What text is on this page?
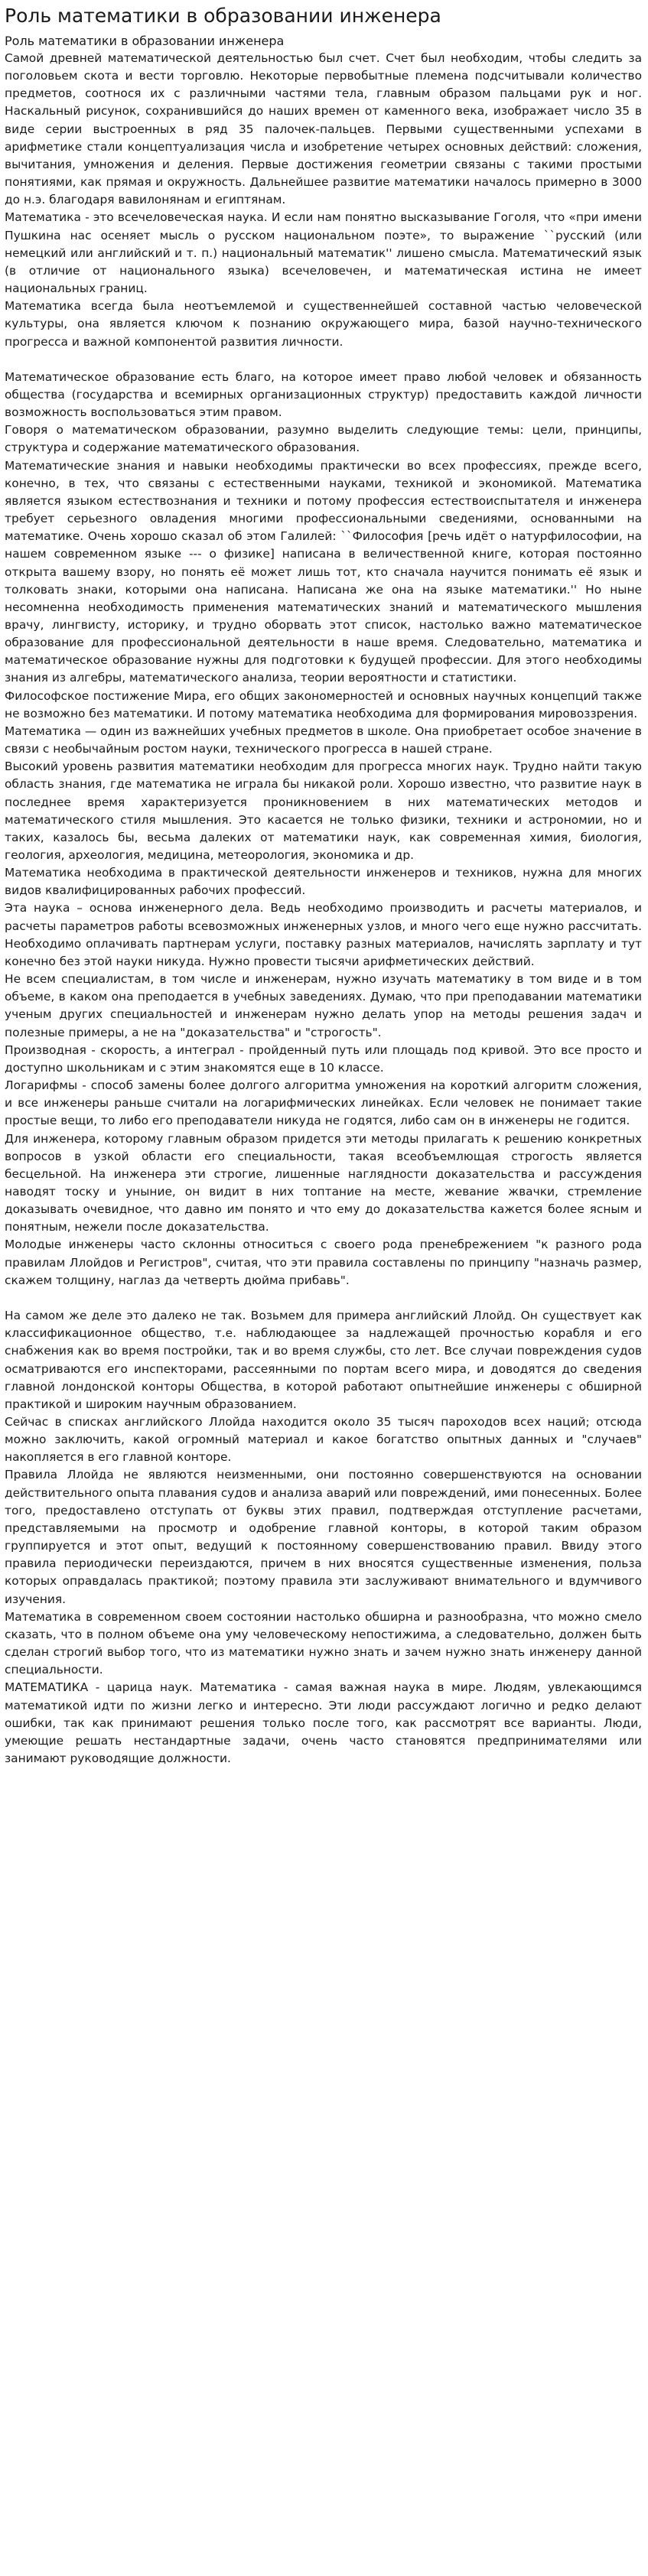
Роль математики в образовании инженера
Роль математики в образовании инженера

Самой древней математической деятельностью был счет. Счет был необходим, чтобы следить за поголовьем скота и вести торговлю. Некоторые первобытные племена подсчитывали количество предметов, соотнося их с различными частями тела, главным образом пальцами рук и ног. Наскальный рисунок, сохранившийся до наших времен от каменного века, изображает число 35 в виде серии выстроенных в ряд 35 палочек-пальцев. Первыми существенными успехами в арифметике стали концептуализация числа и изобретение четырех основных действий: сложения, вычитания, умножения и деления. Первые достижения геометрии связаны с такими простыми понятиями, как прямая и окружность. Дальнейшее развитие математики началось примерно в 3000 до н.э. благодаря вавилонянам и египтянам.

Математика - это всечеловеческая наука. И если нам понятно высказывание Гоголя, что «при имени Пушкина нас осеняет мысль о русском национальном поэте», то выражение ``русский (или немецкий или английский и т. п.) национальный математик'' лишено смысла. Математический язык (в отличие от национального языка) всечеловечен, и математическая истина не имеет национальных границ.

Математика всегда была неотъемлемой и существеннейшей составной частью человеческой культуры, она является ключом к познанию окружающего мира, базой научно-технического прогресса и важной компонентой развития личности.

Математическое образование есть благо, на которое имеет право любой человек и обязанность общества (государства и всемирных организационных структур) предоставить каждой личности возможность воспользоваться этим правом.

Говоря о математическом образовании, разумно выделить следующие темы: цели, принципы, структура и содержание математического образования.

Математические знания и навыки необходимы практически во всех профессиях, прежде всего, конечно, в тех, что связаны с естественными науками, техникой и экономикой. Математика является языком естествознания и техники и потому профессия естествоиспытателя и инженера требует серьезного овладения многими профессиональными сведениями, основанными на математике. Очень хорошо сказал об этом Галилей: ``Философия [речь идёт о натурфилософии, на нашем современном языке --- о физике] написана в величественной книге, которая постоянно открыта вашему взору, но понять её может лишь тот, кто сначала научится понимать её язык и толковать знаки, которыми она написана. Написана же она на языке математики.'' Но ныне несомненна необходимость применения математических знаний и математического мышления врачу, лингвисту, историку, и трудно оборвать этот список, настолько важно математическое образование для профессиональной деятельности в наше время. Следовательно, математика и математическое образование нужны для подготовки к будущей профессии. Для этого необходимы знания из алгебры, математического анализа, теории вероятности и статистики.

Философское постижение Мира, его общих закономерностей и основных научных концепций также не возможно без математики. И потому математика необходима для формирования мировоззрения.

Математика — один из важнейших учебных предметов в школе. Она приобретает особое значение в связи с необычайным ростом науки, технического прогресса в нашей стране.

Высокий уровень развития математики необходим для прогресса многих наук. Трудно найти такую область знания, где математика не играла бы никакой роли. Хорошо известно, что развитие наук в последнее время характеризуется проникновением в них математических методов и математического стиля мышления. Это касается не только физики, техники и астрономии, но и таких, казалось бы, весьма далеких от математики наук, как современная химия, биология, геология, археология, медицина, метеорология, экономика и др.

Математика необходима в практической деятельности инженеров и техников, нужна для многих видов квалифицированных рабочих профессий.

Эта наука – основа инженерного дела. Ведь необходимо производить и расчеты материалов, и расчеты параметров работы всевозможных инженерных узлов, и много чего еще нужно рассчитать. Необходимо оплачивать партнерам услуги, поставку разных материалов, начислять зарплату и тут конечно без этой науки никуда. Нужно провести тысячи арифметических действий.

Не всем специалистам, в том числе и инженерам, нужно изучать математику в том виде и в том объеме, в каком она преподается в учебных заведениях. Думаю, что при преподавании математики ученым других специальностей и инженерам нужно делать упор на методы решения задач и полезные примеры, а не на "доказательства" и "строгость".

Производная - скорость, а интеграл - пройденный путь или площадь под кривой. Это все просто и доступно школьникам и с этим знакомятся еще в 10 классе.

Логарифмы - способ замены более долгого алгоритма умножения на короткий алгоритм сложения, и все инженеры раньше считали на логарифмических линейках. Если человек не понимает такие простые вещи, то либо его преподаватели никуда не годятся, либо сам он в инженеры не годится.

Для инженера, которому главным образом придется эти методы прилагать к решению конкретных вопросов в узкой области его специальности, такая всеобъемлющая строгость является бесцельной. На инженера эти строгие, лишенные наглядности доказательства и рассуждения наводят тоску и уныние, он видит в них топтание на месте, жевание жвачки, стремление доказывать очевидное, что давно им понято и что ему до доказательства кажется более ясным и понятным, нежели после доказательства.

Молодые инженеры часто склонны относиться с своего рода пренебрежением "к разного рода правилам Ллойдов и Регистров", считая, что эти правила составлены по принципу "назначь размер, скажем толщину, наглаз да четверть дюйма прибавь".

На самом же деле это далеко не так. Возьмем для примера английский Ллойд. Он существует как классификационное общество, т.е. наблюдающее за надлежащей прочностью корабля и его снабжения как во время постройки, так и во время службы, сто лет. Все случаи повреждения судов осматриваются его инспекторами, рассеянными по портам всего мира, и доводятся до сведения главной лондонской конторы Общества, в которой работают опытнейшие инженеры с обширной практикой и широким научным образованием.

Сейчас в списках английского Ллойда находится около 35 тысяч пароходов всех наций; отсюда можно заключить, какой огромный материал и какое богатство опытных данных и "случаев" накопляется в его главной конторе.

Правила Ллойда не являются неизменными, они постоянно совершенствуются на основании действительного опыта плавания судов и анализа аварий или повреждений, ими понесенных. Более того, предоставлено отступать от буквы этих правил, подтверждая отступление расчетами, представляемыми на просмотр и одобрение главной конторы, в которой таким образом группируется и этот опыт, ведущий к постоянному совершенствованию правил. Ввиду этого правила периодически переиздаются, причем в них вносятся существенные изменения, польза которых оправдалась практикой; поэтому правила эти заслуживают внимательного и вдумчивого изучения.

Математика в современном своем состоянии настолько обширна и разнообразна, что можно смело сказать, что в полном объеме она уму человеческому непостижима, а следовательно, должен быть сделан строгий выбор того, что из математики нужно знать и зачем нужно знать инженеру данной специальности.

МАТЕМАТИКА - царица наук. Математика - самая важная наука в мире. Людям, увлекающимся математикой идти по жизни легко и интересно. Эти люди рассуждают логично и редко делают ошибки, так как принимают решения только после того, как рассмотрят все варианты. Люди, умеющие решать нестандартные задачи, очень часто становятся предпринимателями или занимают руководящие должности.
